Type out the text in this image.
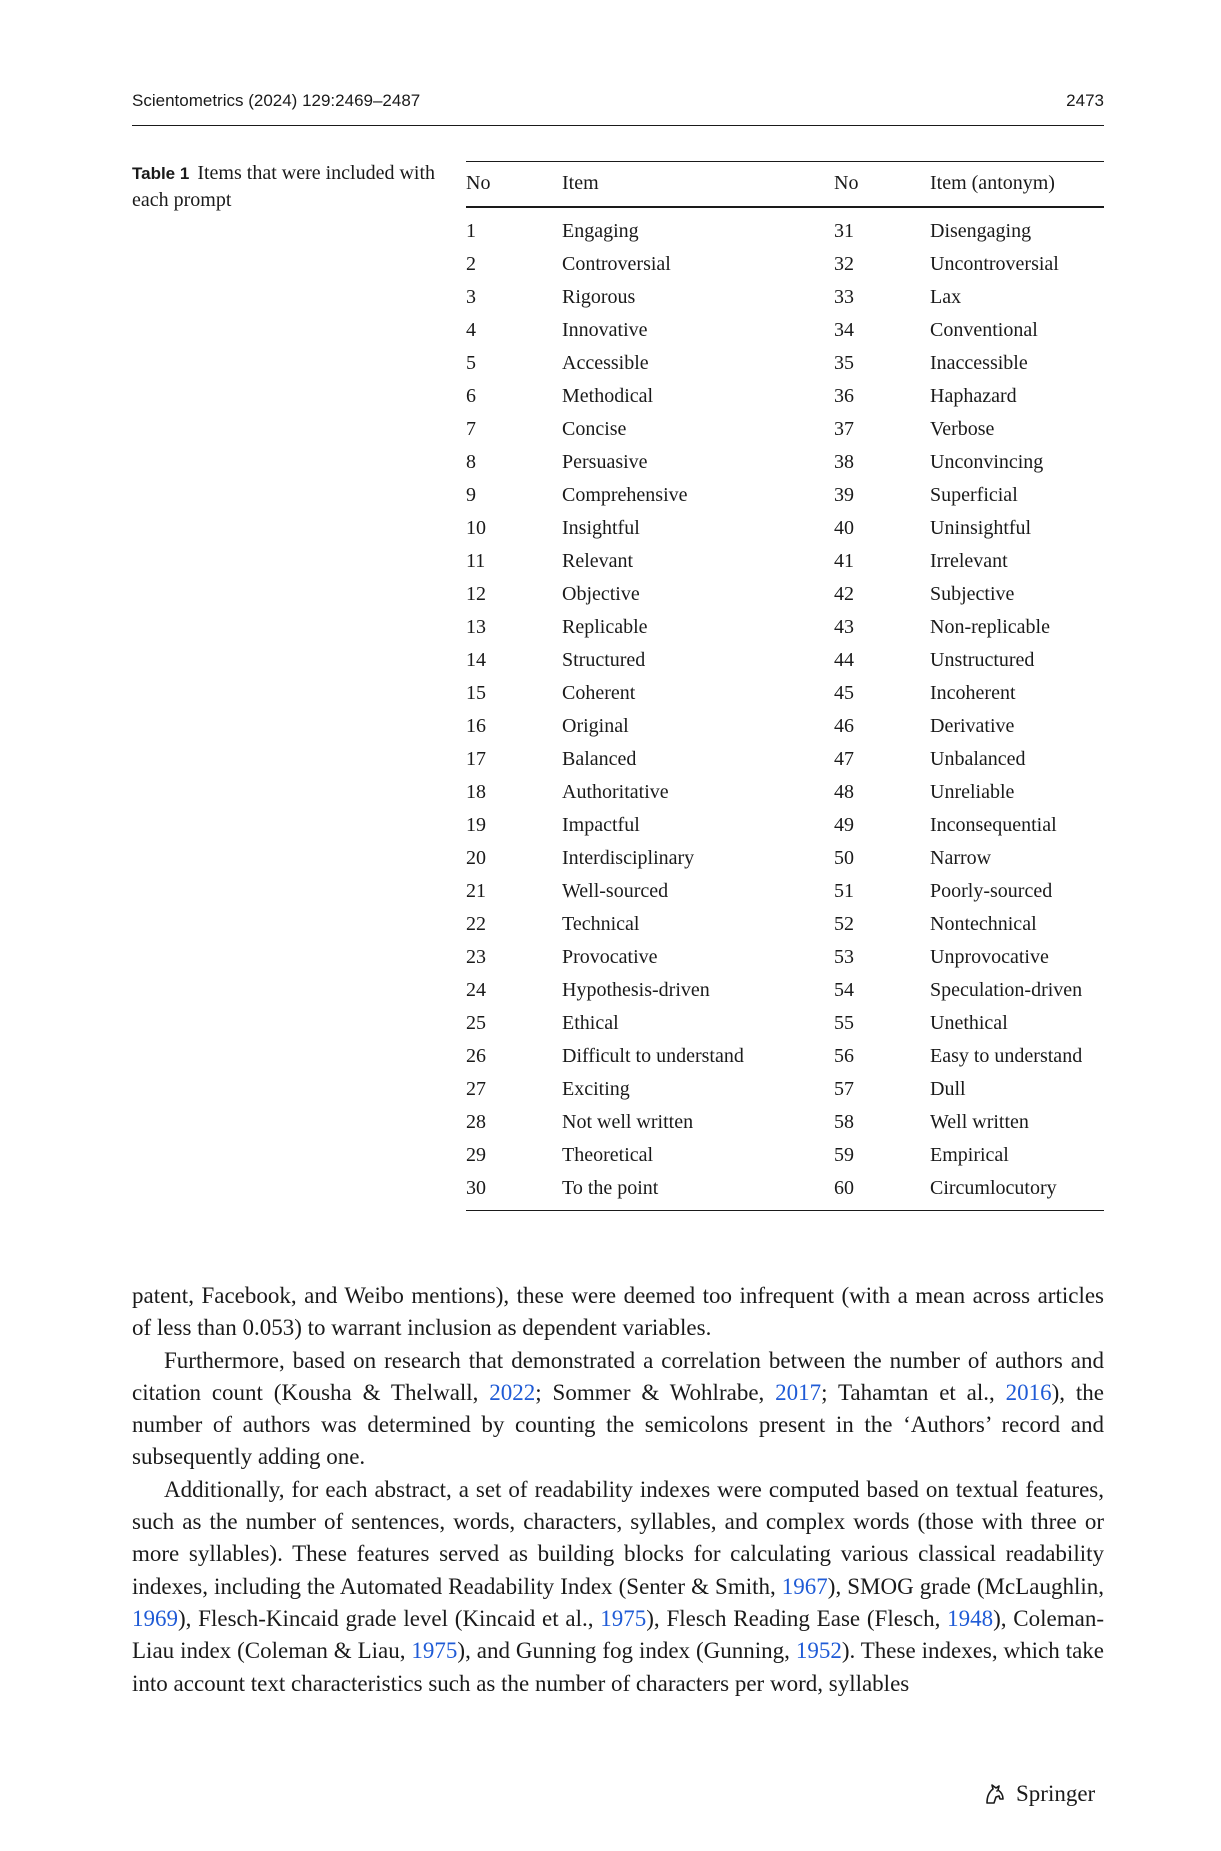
Scientometrics (2024) 129:2469–2487	2473
Table 1 Items that were included with each prompt
No	Item	No	Item (antonym)
1	Engaging	31	Disengaging
2	Controversial	32	Uncontroversial
3	Rigorous	33	Lax
4	Innovative	34	Conventional
5	Accessible	35	Inaccessible
6	Methodical	36	Haphazard
7	Concise	37	Verbose
8	Persuasive	38	Unconvincing
9	Comprehensive	39	Superficial
10	Insightful	40	Uninsightful
11	Relevant	41	Irrelevant
12	Objective	42	Subjective
13	Replicable	43	Non-replicable
14	Structured	44	Unstructured
15	Coherent	45	Incoherent
16	Original	46	Derivative
17	Balanced	47	Unbalanced
18	Authoritative	48	Unreliable
19	Impactful	49	Inconsequential
20	Interdisciplinary	50	Narrow
21	Well-sourced	51	Poorly-sourced
22	Technical	52	Nontechnical
23	Provocative	53	Unprovocative
24	Hypothesis-driven	54	Speculation-driven
25	Ethical	55	Unethical
26	Difficult to understand	56	Easy to understand
27	Exciting	57	Dull
28	Not well written	58	Well written
29	Theoretical	59	Empirical
30	To the point	60	Circumlocutory

patent, Facebook, and Weibo mentions), these were deemed too infrequent (with a mean across articles of less than 0.053) to warrant inclusion as dependent variables.

Furthermore, based on research that demonstrated a correlation between the number of authors and citation count (Kousha & Thelwall, 2022; Sommer & Wohlrabe, 2017; Tahamtan et al., 2016), the number of authors was determined by counting the semicolons present in the ‘Authors’ record and subsequently adding one.

Additionally, for each abstract, a set of readability indexes were computed based on textual features, such as the number of sentences, words, characters, syllables, and complex words (those with three or more syllables). These features served as building blocks for calculating various classical readability indexes, including the Automated Readability Index (Senter & Smith, 1967), SMOG grade (McLaughlin, 1969), Flesch-Kincaid grade level (Kincaid et al., 1975), Flesch Reading Ease (Flesch, 1948), Coleman-Liau index (Coleman & Liau, 1975), and Gunning fog index (Gunning, 1952). These indexes, which take into account text characteristics such as the number of characters per word, syllables

Springer
